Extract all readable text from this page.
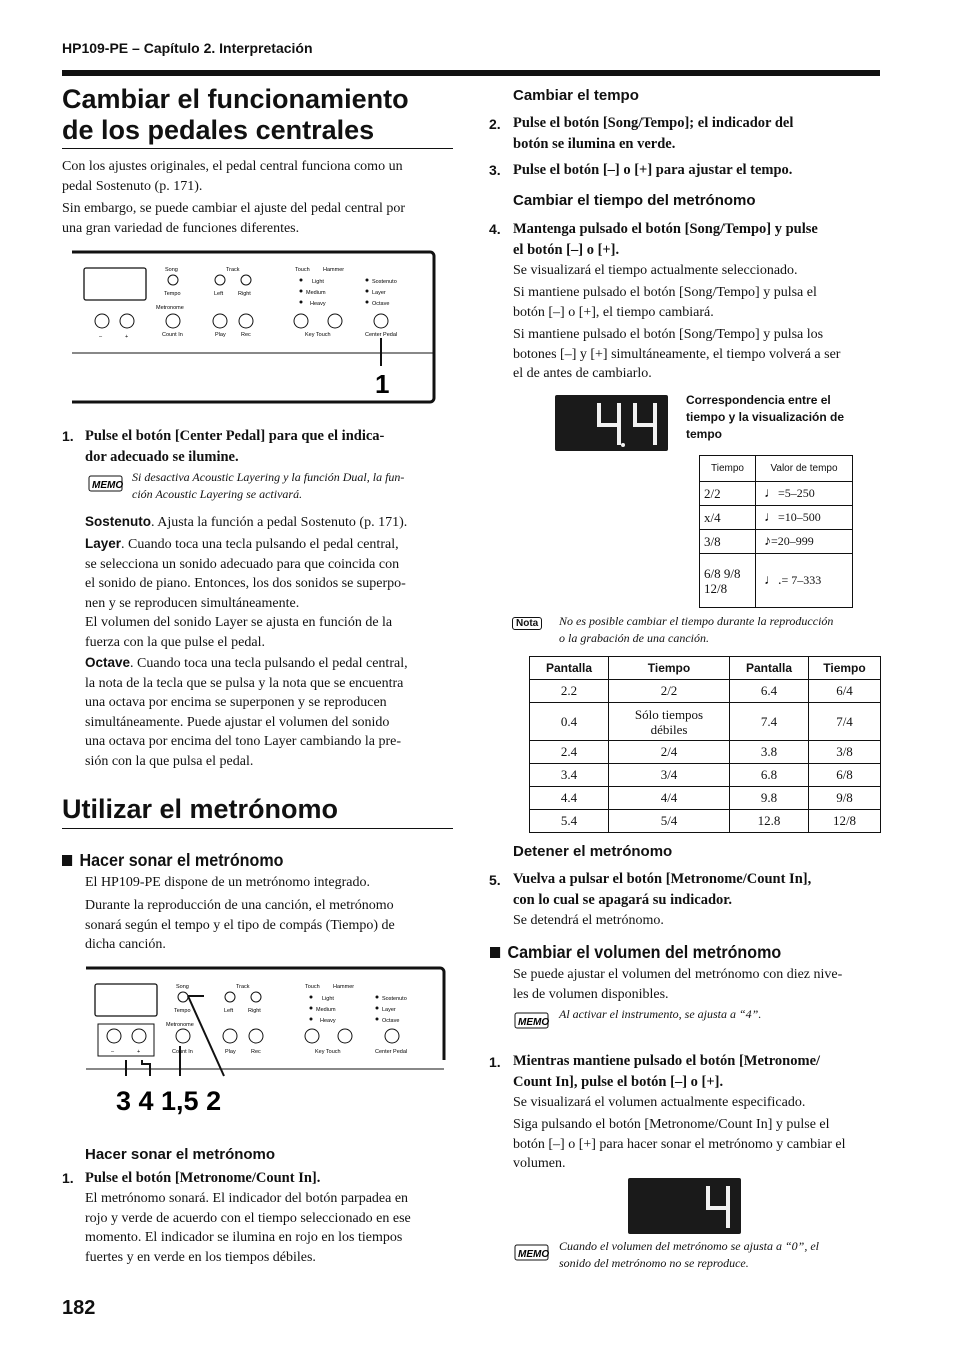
HP109-PE – Capítulo 2. Interpretación
Cambiar el funcionamiento
de los pedales centrales
Con los ajustes originales, el pedal central funciona como un
pedal Sostenuto (p. 171).
Sin embargo, se puede cambiar el ajuste del pedal central por
una gran variedad de funciones diferentes.
1
Song
Tempo
Metronome
Track
Left	Right
Touch Hammer
Light
Medium
Heavy
Sostenuto
Layer
Octave
–	+	Count In	Play	Rec	Key Touch	Center Pedal
1. Pulse el botón [Center Pedal] para que el indica-
dor adecuado se ilumine.
MEMO
Si desactiva Acoustic Layering y la función Dual, la fun-
ción Acoustic Layering se activará.
Sostenuto. Ajusta la función a pedal Sostenuto (p. 171).
Layer. Cuando toca una tecla pulsando el pedal central,
se selecciona un sonido adecuado para que coincida con
el sonido de piano. Entonces, los dos sonidos se superpo-
nen y se reproducen simultáneamente.
El volumen del sonido Layer se ajusta en función de la
fuerza con la que pulse el pedal.
Octave. Cuando toca una tecla pulsando el pedal central,
la nota de la tecla que se pulsa y la nota que se encuentra
una octava por encima se superponen y se reproducen
simultáneamente. Puede ajustar el volumen del sonido
una octava por encima del tono Layer cambiando la pre-
sión con la que pulsa el pedal.
Utilizar el metrónomo
Hacer sonar el metrónomo
El HP109-PE dispone de un metrónomo integrado.
Durante la reproducción de una canción, el metrónomo
sonará según el tempo y el tipo de compás (Tiempo) de
dicha canción.
3 4 1,5 2
Song
Tempo
Metronome
Track
Left	Right
Touch Hammer
Light
Medium
Heavy
Sostenuto
Layer
Octave
–	+	Count In	Play	Rec	Key Touch	Center Pedal
Hacer sonar el metrónomo
1. Pulse el botón [Metronome/Count In].
El metrónomo sonará. El indicador del botón parpadea en
rojo y verde de acuerdo con el tiempo seleccionado en ese
momento. El indicador se ilumina en rojo en los tiempos
fuertes y en verde en los tiempos débiles.
182
Cambiar el tempo
2. Pulse el botón [Song/Tempo]; el indicador del
botón se ilumina en verde.
3. Pulse el botón [–] o [+] para ajustar el tempo.
Cambiar el tiempo del metrónomo
4. Mantenga pulsado el botón [Song/Tempo] y pulse
el botón [–] o [+].
Se visualizará el tiempo actualmente seleccionado.
Si mantiene pulsado el botón [Song/Tempo] y pulsa el
botón [–] o [+], el tiempo cambiará.
Si mantiene pulsado el botón [Song/Tempo] y pulsa los
botones [–] y [+] simultáneamente, el tiempo volverá a ser
el de antes de cambiarlo.
Correspondencia entre el
tiempo y la visualización de
tempo
Tiempo	Valor de tempo
2/2	♩=5–250
x/4	♩=10–500
3/8	♪=20–999
6/8 9/8 12/8	♩.= 7–333
Nota	No es posible cambiar el tiempo durante la reproducción
o la grabación de una canción.
Pantalla	Tiempo	Pantalla	Tiempo
2.2	2/2	6.4	6/4
0.4	Sólo tiempos débiles	7.4	7/4
2.4	2/4	3.8	3/8
3.4	3/4	6.8	6/8
4.4	4/4	9.8	9/8
5.4	5/4	12.8	12/8
Detener el metrónomo
5. Vuelva a pulsar el botón [Metronome/Count In],
con lo cual se apagará su indicador.
Se detendrá el metrónomo.
Cambiar el volumen del metrónomo
Se puede ajustar el volumen del metrónomo con diez nive-
les de volumen disponibles.
MEMO
Al activar el instrumento, se ajusta a “4”.
1. Mientras mantiene pulsado el botón [Metronome/
Count In], pulse el botón [–] o [+].
Se visualizará el volumen actualmente especificado.
Siga pulsando el botón [Metronome/Count In] y pulse el
botón [–] o [+] para hacer sonar el metrónomo y cambiar el
volumen.
MEMO
Cuando el volumen del metrónomo se ajusta a “0”, el
sonido del metrónomo no se reproduce.
